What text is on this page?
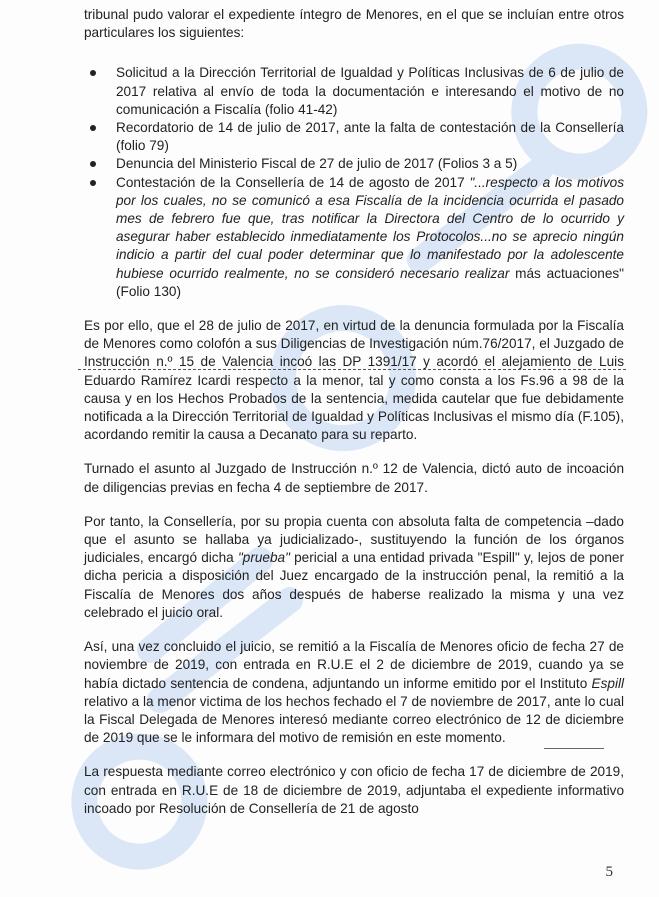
tribunal pudo valorar el expediente íntegro de Menores, en el que se incluían entre otros particulares los siguientes:

Solicitud a la Dirección Territorial de Igualdad y Políticas Inclusivas de 6 de julio de 2017 relativa al envío de toda la documentación e interesando el motivo de no comunicación a Fiscalía (folio 41-42)
Recordatorio de 14 de julio de 2017, ante la falta de contestación de la Consellería (folio 79)
Denuncia del Ministerio Fiscal de 27 de julio de 2017 (Folios 3 a 5)
Contestación de la Consellería de 14 de agosto de 2017 "...respecto a los motivos por los cuales, no se comunicó a esa Fiscalía de la incidencia ocurrida el pasado mes de febrero fue que, tras notificar la Directora del Centro de lo ocurrido y asegurar haber establecido inmediatamente los Protocolos...no se aprecio ningún indicio a partir del cual poder determinar que lo manifestado por la adolescente hubiese ocurrido realmente, no se consideró necesario realizar más actuaciones" (Folio 130)

Es por ello, que el 28 de julio de 2017, en virtud de la denuncia formulada por la Fiscalía de Menores como colofón a sus Diligencias de Investigación núm.76/2017, el Juzgado de Instrucción n.º 15 de Valencia incoó las DP 1391/17 y acordó el alejamiento de Luis Eduardo Ramírez Icardi respecto a la menor, tal y como consta a los Fs.96 a 98 de la causa y en los Hechos Probados de la sentencia, medida cautelar que fue debidamente notificada a la Dirección Territorial de Igualdad y Políticas Inclusivas el mismo día (F.105), acordando remitir la causa a Decanato para su reparto.

Turnado el asunto al Juzgado de Instrucción n.º 12 de Valencia, dictó auto de incoación de diligencias previas en fecha 4 de septiembre de 2017.

Por tanto, la Consellería, por su propia cuenta con absoluta falta de competencia –dado que el asunto se hallaba ya judicializado-, sustituyendo la función de los órganos judiciales, encargó dicha "prueba" pericial a una entidad privada "Espill" y, lejos de poner dicha pericia a disposición del Juez encargado de la instrucción penal, la remitió a la Fiscalía de Menores dos años después de haberse realizado la misma y una vez celebrado el juicio oral.

Así, una vez concluido el juicio, se remitió a la Fiscalía de Menores oficio de fecha 27 de noviembre de 2019, con entrada en R.U.E el 2 de diciembre de 2019, cuando ya se había dictado sentencia de condena, adjuntando un informe emitido por el Instituto Espill relativo a la menor victima de los hechos fechado el 7 de noviembre de 2017, ante lo cual la Fiscal Delegada de Menores interesó mediante correo electrónico de 12 de diciembre de 2019 que se le informara del motivo de remisión en este momento.

La respuesta mediante correo electrónico y con oficio de fecha 17 de diciembre de 2019, con entrada en R.U.E de 18 de diciembre de 2019, adjuntaba el expediente informativo incoado por Resolución de Consellería de 21 de agosto

5
